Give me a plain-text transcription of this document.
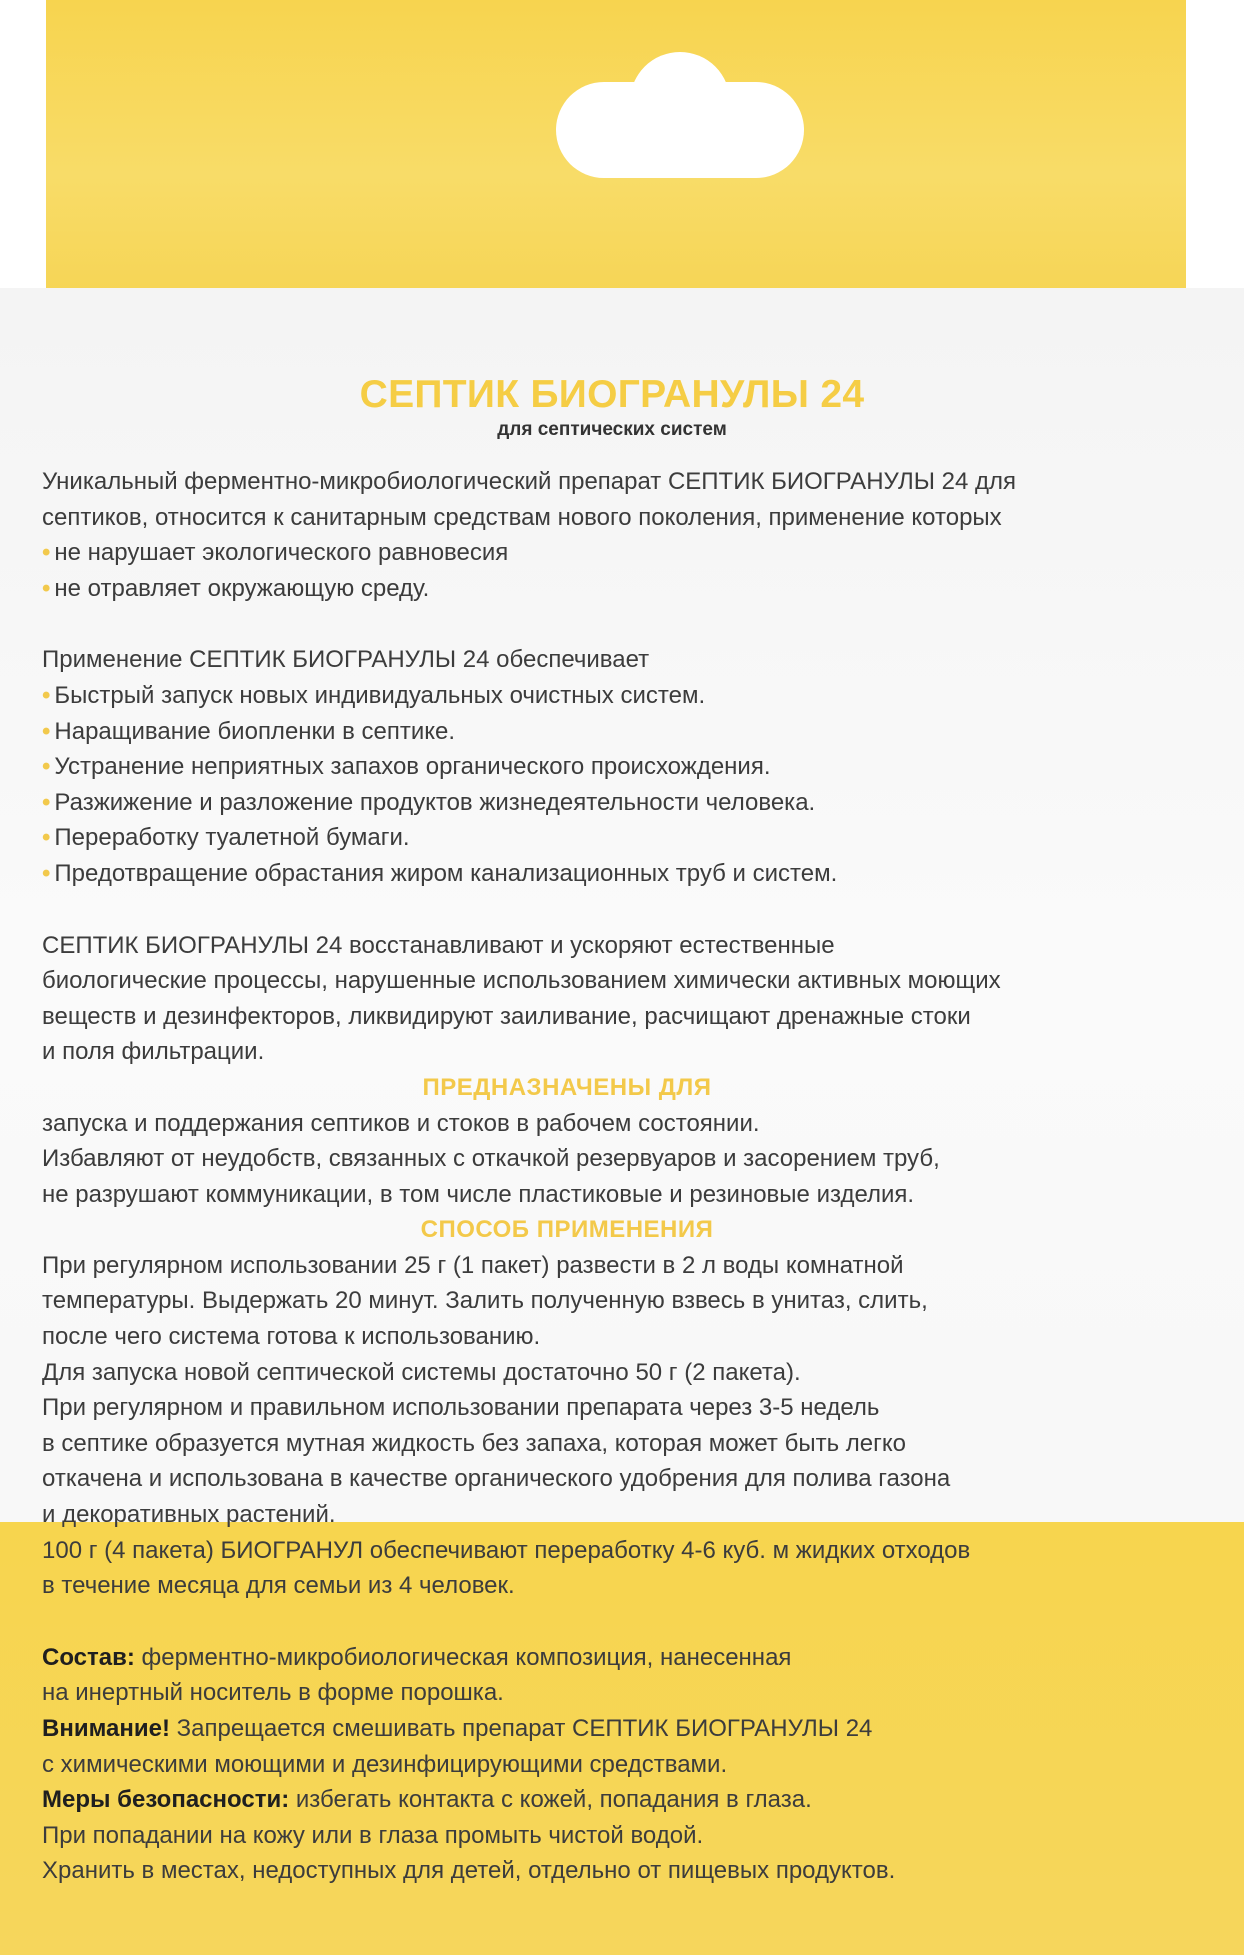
СЕПТИК БИОГРАНУЛЫ 24
для септических систем
Уникальный ферментно-микробиологический препарат СЕПТИК БИОГРАНУЛЫ 24 для
септиков, относится к санитарным средствам нового поколения, применение которых
• не нарушает экологического равновесия
• не отравляет окружающую среду.
Применение СЕПТИК БИОГРАНУЛЫ 24 обеспечивает
• Быстрый запуск новых индивидуальных очистных систем.
• Наращивание биопленки в септике.
• Устранение неприятных запахов органического происхождения.
• Разжижение и разложение продуктов жизнедеятельности человека.
• Переработку туалетной бумаги.
• Предотвращение обрастания жиром канализационных труб и систем.
СЕПТИК БИОГРАНУЛЫ 24 восстанавливают и ускоряют естественные
биологические процессы, нарушенные использованием химически активных моющих
веществ и дезинфекторов, ликвидируют заиливание, расчищают дренажные стоки
и поля фильтрации.
ПРЕДНАЗНАЧЕНЫ ДЛЯ
запуска и поддержания септиков и стоков в рабочем состоянии.
Избавляют от неудобств, связанных с откачкой резервуаров и засорением труб,
не разрушают коммуникации, в том числе пластиковые и резиновые изделия.
СПОСОБ ПРИМЕНЕНИЯ
При регулярном использовании 25 г (1 пакет) развести в 2 л воды комнатной
температуры. Выдержать 20 минут. Залить полученную взвесь в унитаз, слить,
после чего система готова к использованию.
Для запуска новой септической системы достаточно 50 г (2 пакета).
При регулярном и правильном использовании препарата через 3-5 недель
в септике образуется мутная жидкость без запаха, которая может быть легко
откачена и использована в качестве органического удобрения для полива газона
и декоративных растений.
100 г (4 пакета) БИОГРАНУЛ обеспечивают переработку 4-6 куб. м жидких отходов
в течение месяца для семьи из 4 человек.
Состав: ферментно-микробиологическая композиция, нанесенная
на инертный носитель в форме порошка.
Внимание! Запрещается смешивать препарат СЕПТИК БИОГРАНУЛЫ 24
с химическими моющими и дезинфицирующими средствами.
Меры безопасности: избегать контакта с кожей, попадания в глаза.
При попадании на кожу или в глаза промыть чистой водой.
Хранить в местах, недоступных для детей, отдельно от пищевых продуктов.
